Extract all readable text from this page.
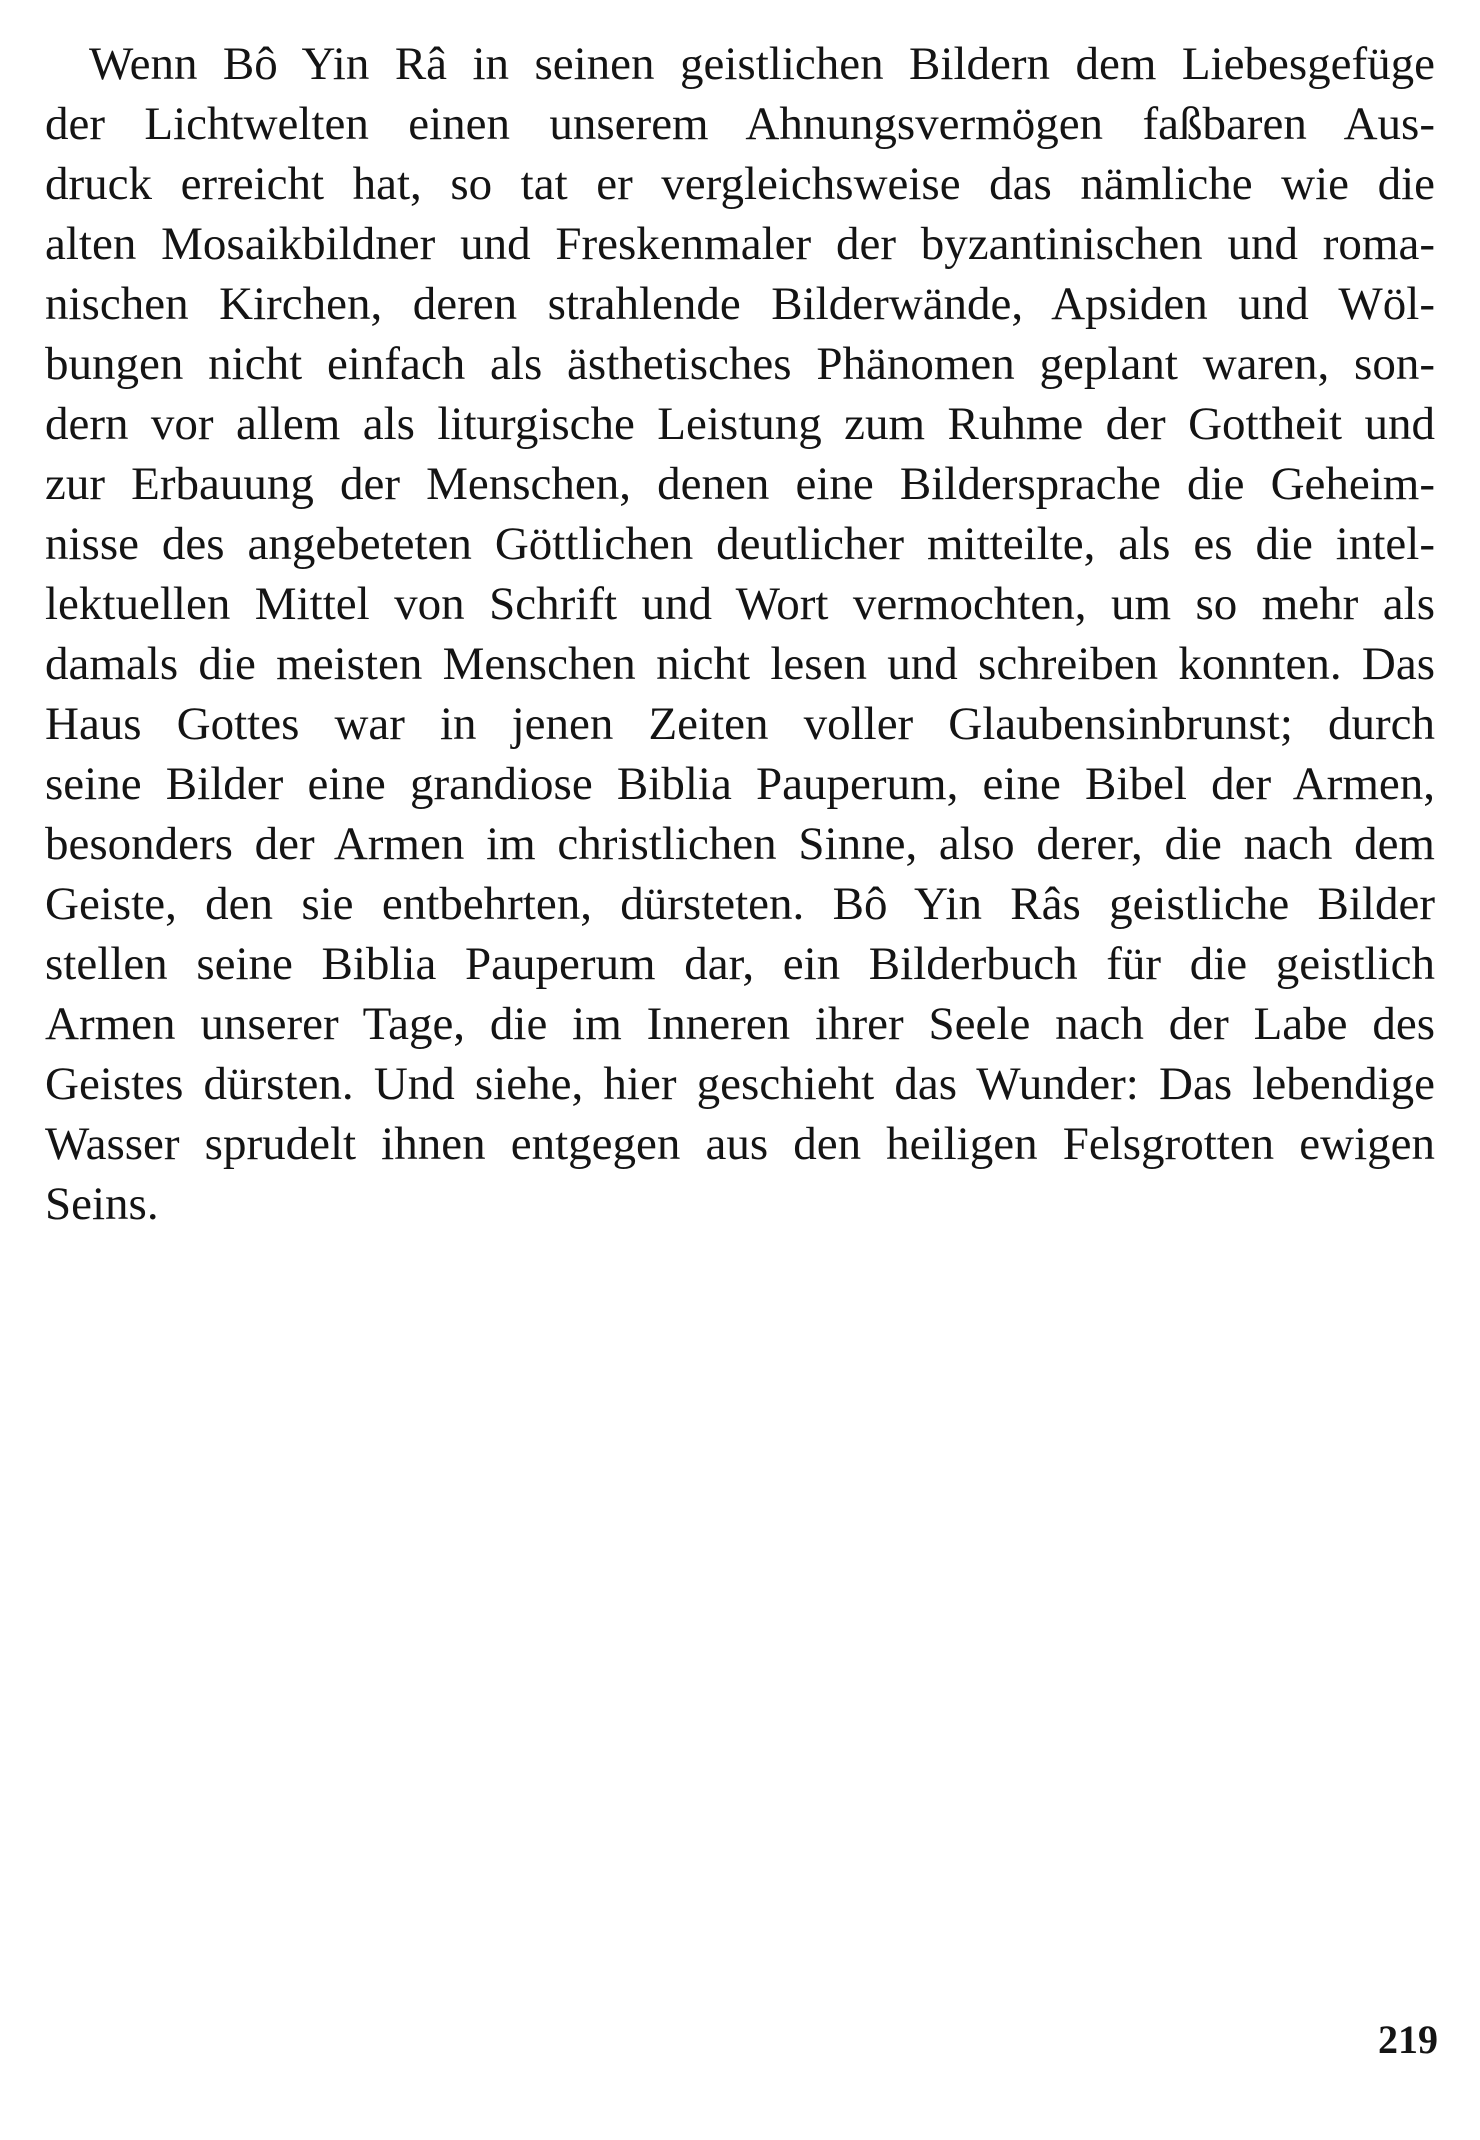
Wenn Bô Yin Râ in seinen geistlichen Bildern dem Liebesgefüge
der Lichtwelten einen unserem Ahnungsvermögen faßbaren Aus-
druck erreicht hat, so tat er vergleichsweise das nämliche wie die
alten Mosaikbildner und Freskenmaler der byzantinischen und roma-
nischen Kirchen, deren strahlende Bilderwände, Apsiden und Wöl-
bungen nicht einfach als ästhetisches Phänomen geplant waren, son-
dern vor allem als liturgische Leistung zum Ruhme der Gottheit und
zur Erbauung der Menschen, denen eine Bildersprache die Geheim-
nisse des angebeteten Göttlichen deutlicher mitteilte, als es die intel-
lektuellen Mittel von Schrift und Wort vermochten, um so mehr als
damals die meisten Menschen nicht lesen und schreiben konnten. Das
Haus Gottes war in jenen Zeiten voller Glaubensinbrunst; durch
seine Bilder eine grandiose Biblia Pauperum, eine Bibel der Armen,
besonders der Armen im christlichen Sinne, also derer, die nach dem
Geiste, den sie entbehrten, dürsteten. Bô Yin Râs geistliche Bilder
stellen seine Biblia Pauperum dar, ein Bilderbuch für die geistlich
Armen unserer Tage, die im Inneren ihrer Seele nach der Labe des
Geistes dürsten. Und siehe, hier geschieht das Wunder: Das lebendige
Wasser sprudelt ihnen entgegen aus den heiligen Felsgrotten ewigen
Seins.
219
